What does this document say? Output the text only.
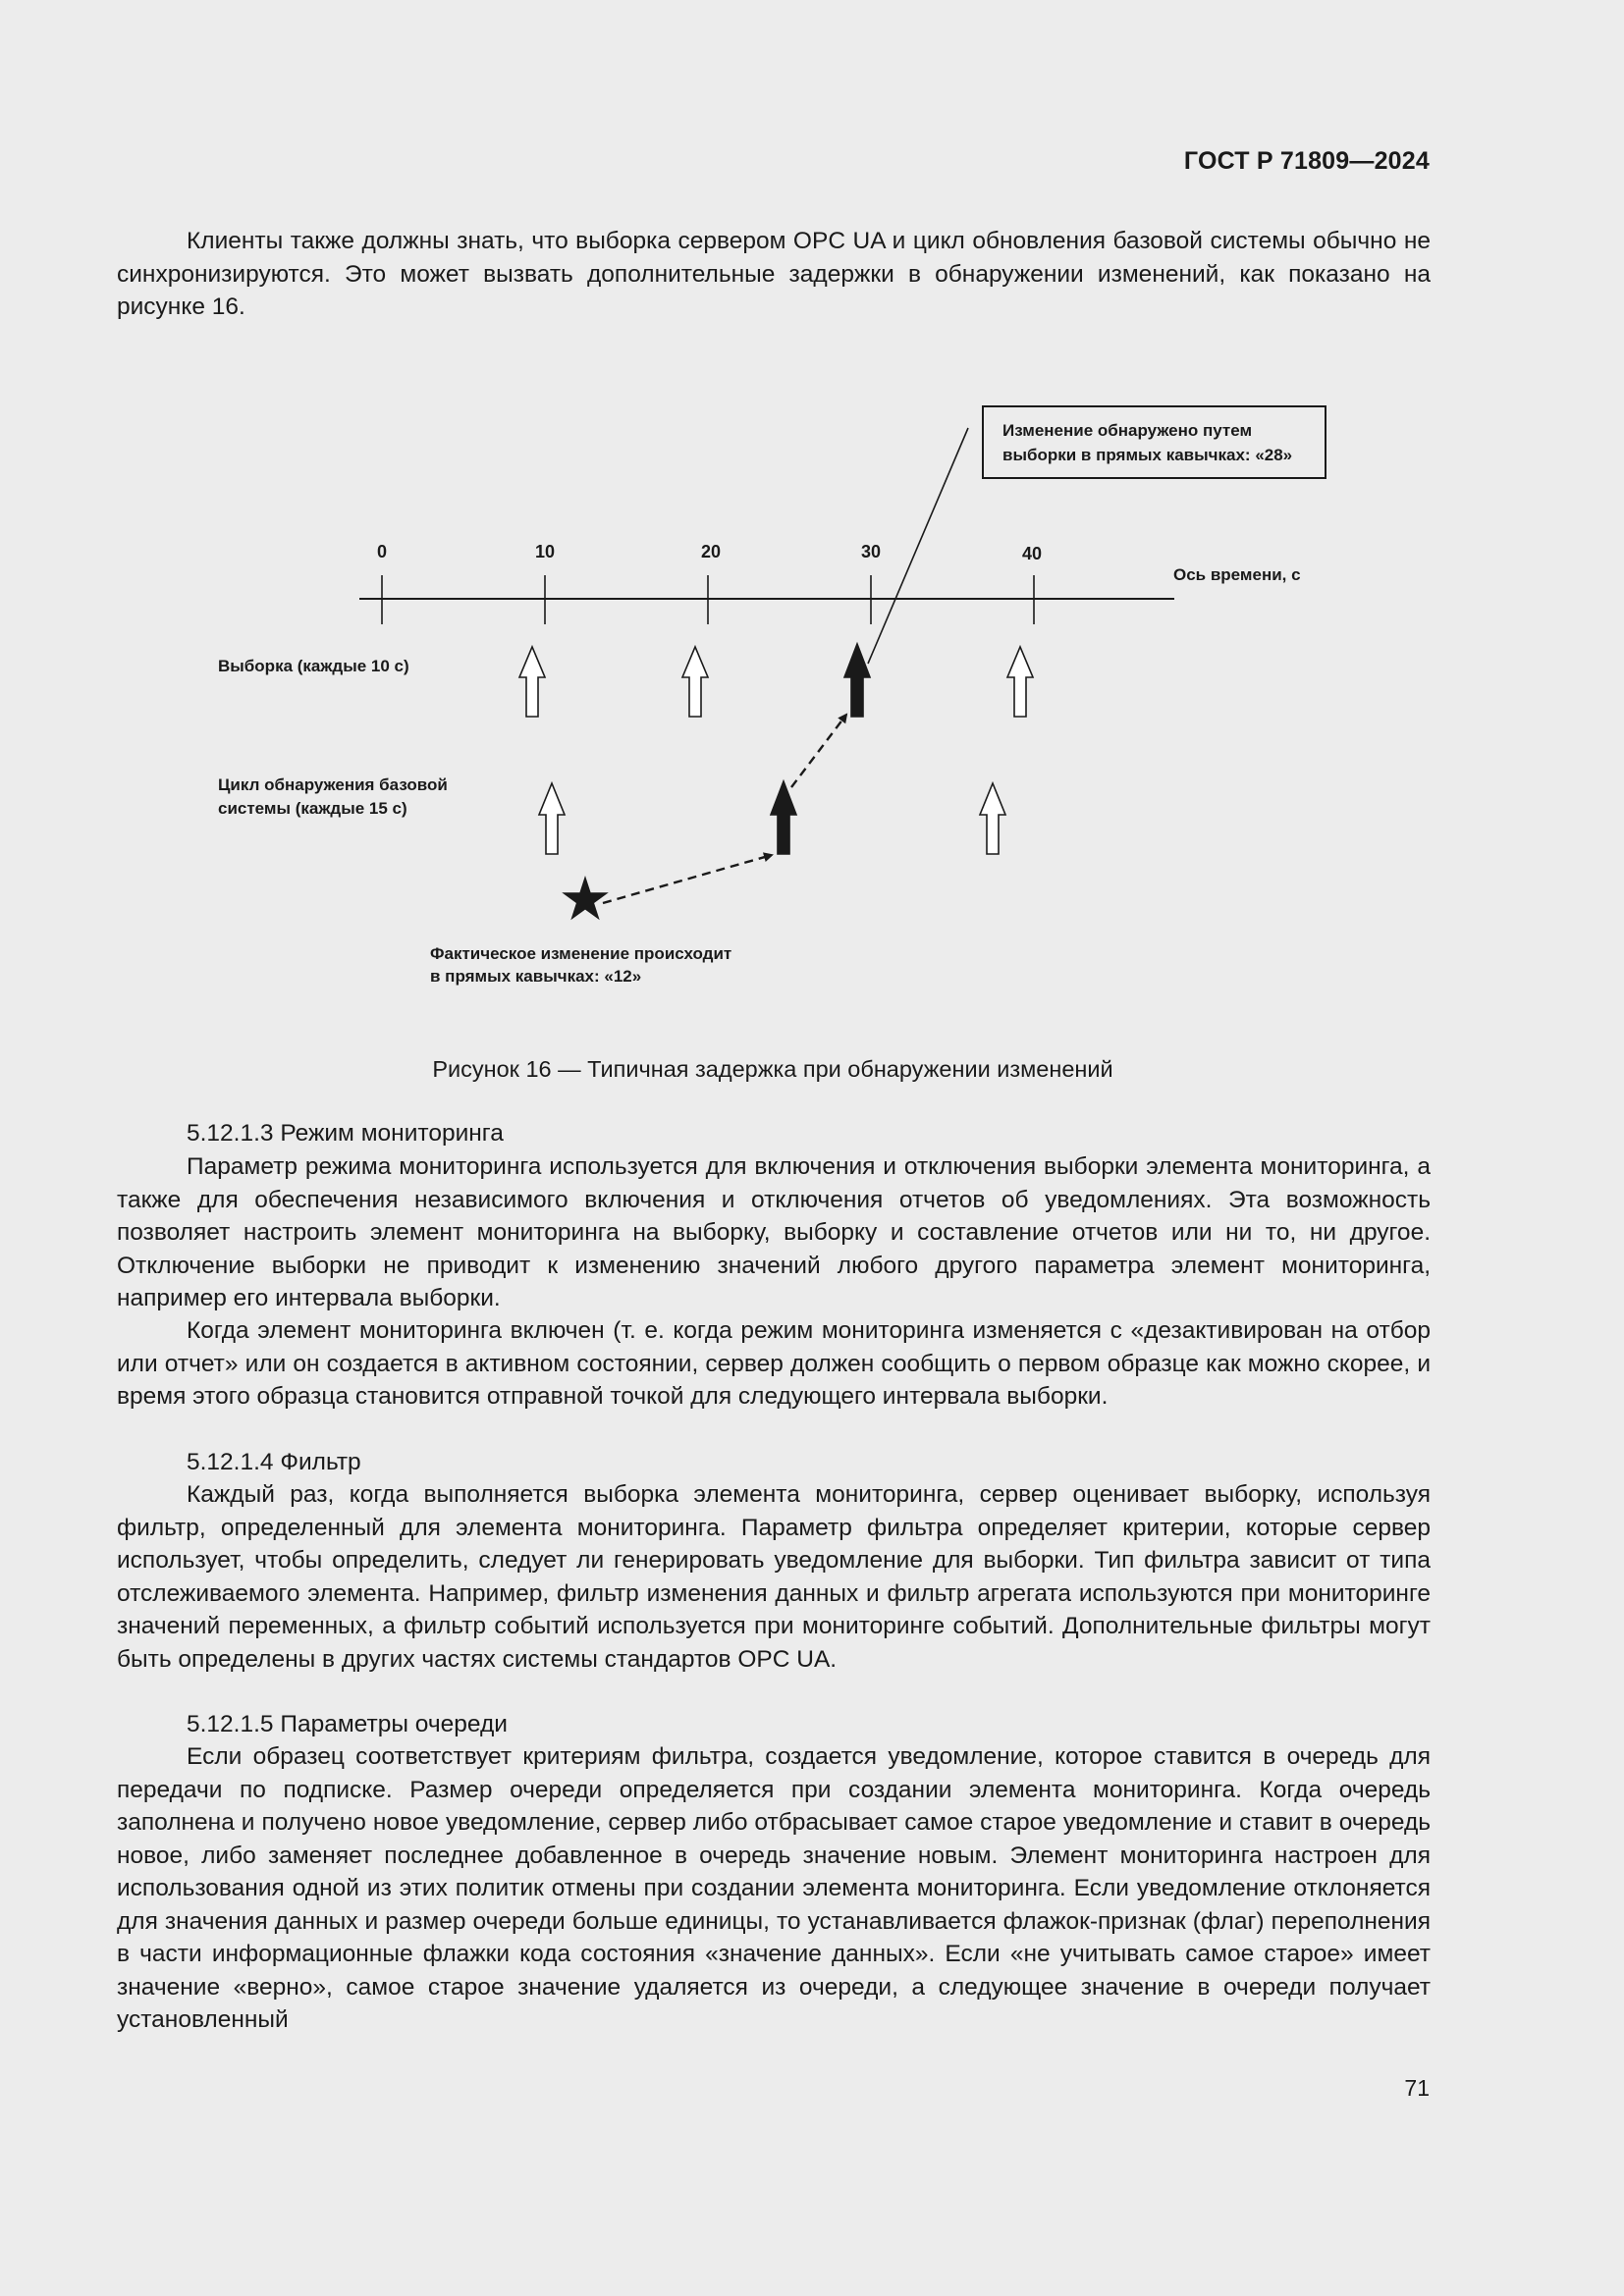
ГОСТ Р 71809—2024

Клиенты также должны знать, что выборка сервером OPC UA и цикл обновления базовой системы обычно не синхронизируются. Это может вызвать дополнительные задержки в обнаружении изменений, как показано на рисунке 16.

Изменение обнаружено путем
выборки в прямых кавычках: «28»
0	10	20	30	40
Ось времени, с
Выборка (каждые 10 с)
Цикл обнаружения базовой
системы (каждые 15 с)
Фактическое изменение происходит
в прямых кавычках: «12»
Рисунок 16 — Типичная задержка при обнаружении изменений

5.12.1.3 Режим мониторинга

Параметр режима мониторинга используется для включения и отключения выборки элемента мониторинга, а также для обеспечения независимого включения и отключения отчетов об уведомлениях. Эта возможность позволяет настроить элемент мониторинга на выборку, выборку и составление отчетов или ни то, ни другое. Отключение выборки не приводит к изменению значений любого другого параметра элемент мониторинга, например его интервала выборки.

Когда элемент мониторинга включен (т. е. когда режим мониторинга изменяется с «дезактивирован на отбор или отчет» или он создается в активном состоянии, сервер должен сообщить о первом образце как можно скорее, и время этого образца становится отправной точкой для следующего интервала выборки.

5.12.1.4 Фильтр

Каждый раз, когда выполняется выборка элемента мониторинга, сервер оценивает выборку, используя фильтр, определенный для элемента мониторинга. Параметр фильтра определяет критерии, которые сервер использует, чтобы определить, следует ли генерировать уведомление для выборки. Тип фильтра зависит от типа отслеживаемого элемента. Например, фильтр изменения данных и фильтр агрегата используются при мониторинге значений переменных, а фильтр событий используется при мониторинге событий. Дополнительные фильтры могут быть определены в других частях системы стандартов OPC UA.

5.12.1.5 Параметры очереди

Если образец соответствует критериям фильтра, создается уведомление, которое ставится в очередь для передачи по подписке. Размер очереди определяется при создании элемента мониторинга. Когда очередь заполнена и получено новое уведомление, сервер либо отбрасывает самое старое уведомление и ставит в очередь новое, либо заменяет последнее добавленное в очередь значение новым. Элемент мониторинга настроен для использования одной из этих политик отмены при создании элемента мониторинга. Если уведомление отклоняется для значения данных и размер очереди больше единицы, то устанавливается флажок-признак (флаг) переполнения в части информационные флажки кода состояния «значение данных». Если «не учитывать самое старое» имеет значение «верно», самое старое значение удаляется из очереди, а следующее значение в очереди получает установленный

71
